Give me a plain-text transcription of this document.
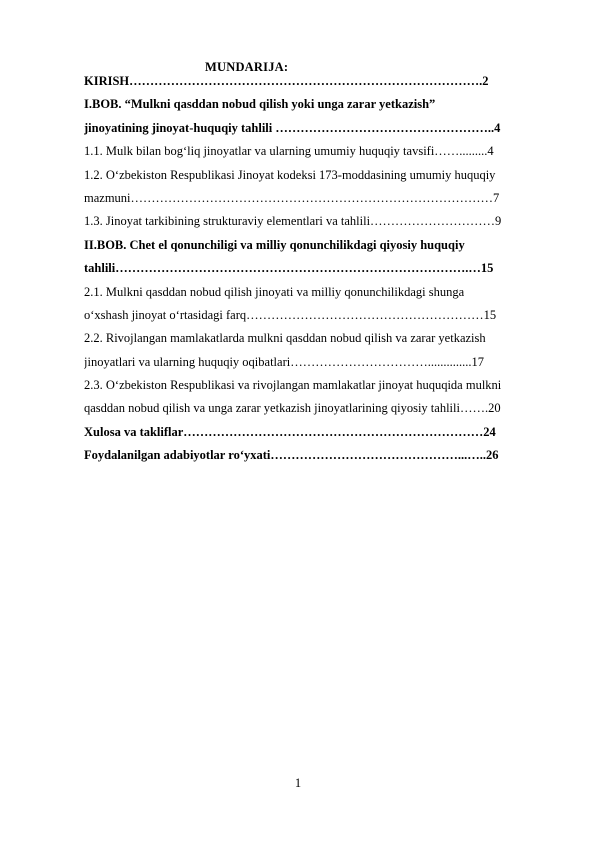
MUNDARIJA:
KIRISH………………………………………………………………………….2
I.BOB. “Mulkni qasddan nobud qilish yoki unga zarar yetkazish”
jinoyatining jinoyat-huquqiy tahlili ……………………………………………..4
1.1. Mulk bilan bog‘liq jinoyatlar va ularning umumiy huquqiy tavsifi…….........4
1.2. O‘zbekiston Respublikasi Jinoyat kodeksi 173-moddasining umumiy huquqiy
mazmuni……………………………………………………………………………7
1.3. Jinoyat tarkibining strukturaviy elementlari va tahlili…………………………9
II.BOB. Chet el qonunchiligi va milliy qonunchilikdagi qiyosiy huquqiy
tahlili………………………………………………………………………….…15
2.1. Mulkni qasddan nobud qilish jinoyati va milliy qonunchilikdagi shunga
o‘xshash jinoyat o‘rtasidagi farq…………………………………………………15
2.2. Rivojlangan mamlakatlarda mulkni qasddan nobud qilish va zarar yetkazish
jinoyatlari va ularning huquqiy oqibatlari……………………………..............17
2.3. O‘zbekiston Respublikasi va rivojlangan mamlakatlar jinoyat huquqida mulkni
qasddan nobud qilish va unga zarar yetkazish jinoyatlarining qiyosiy tahlili…….20
Xulosa va takliflar………………………………………………………………24
Foydalanilgan adabiyotlar ro‘yxati………………………………………...…..26
1
